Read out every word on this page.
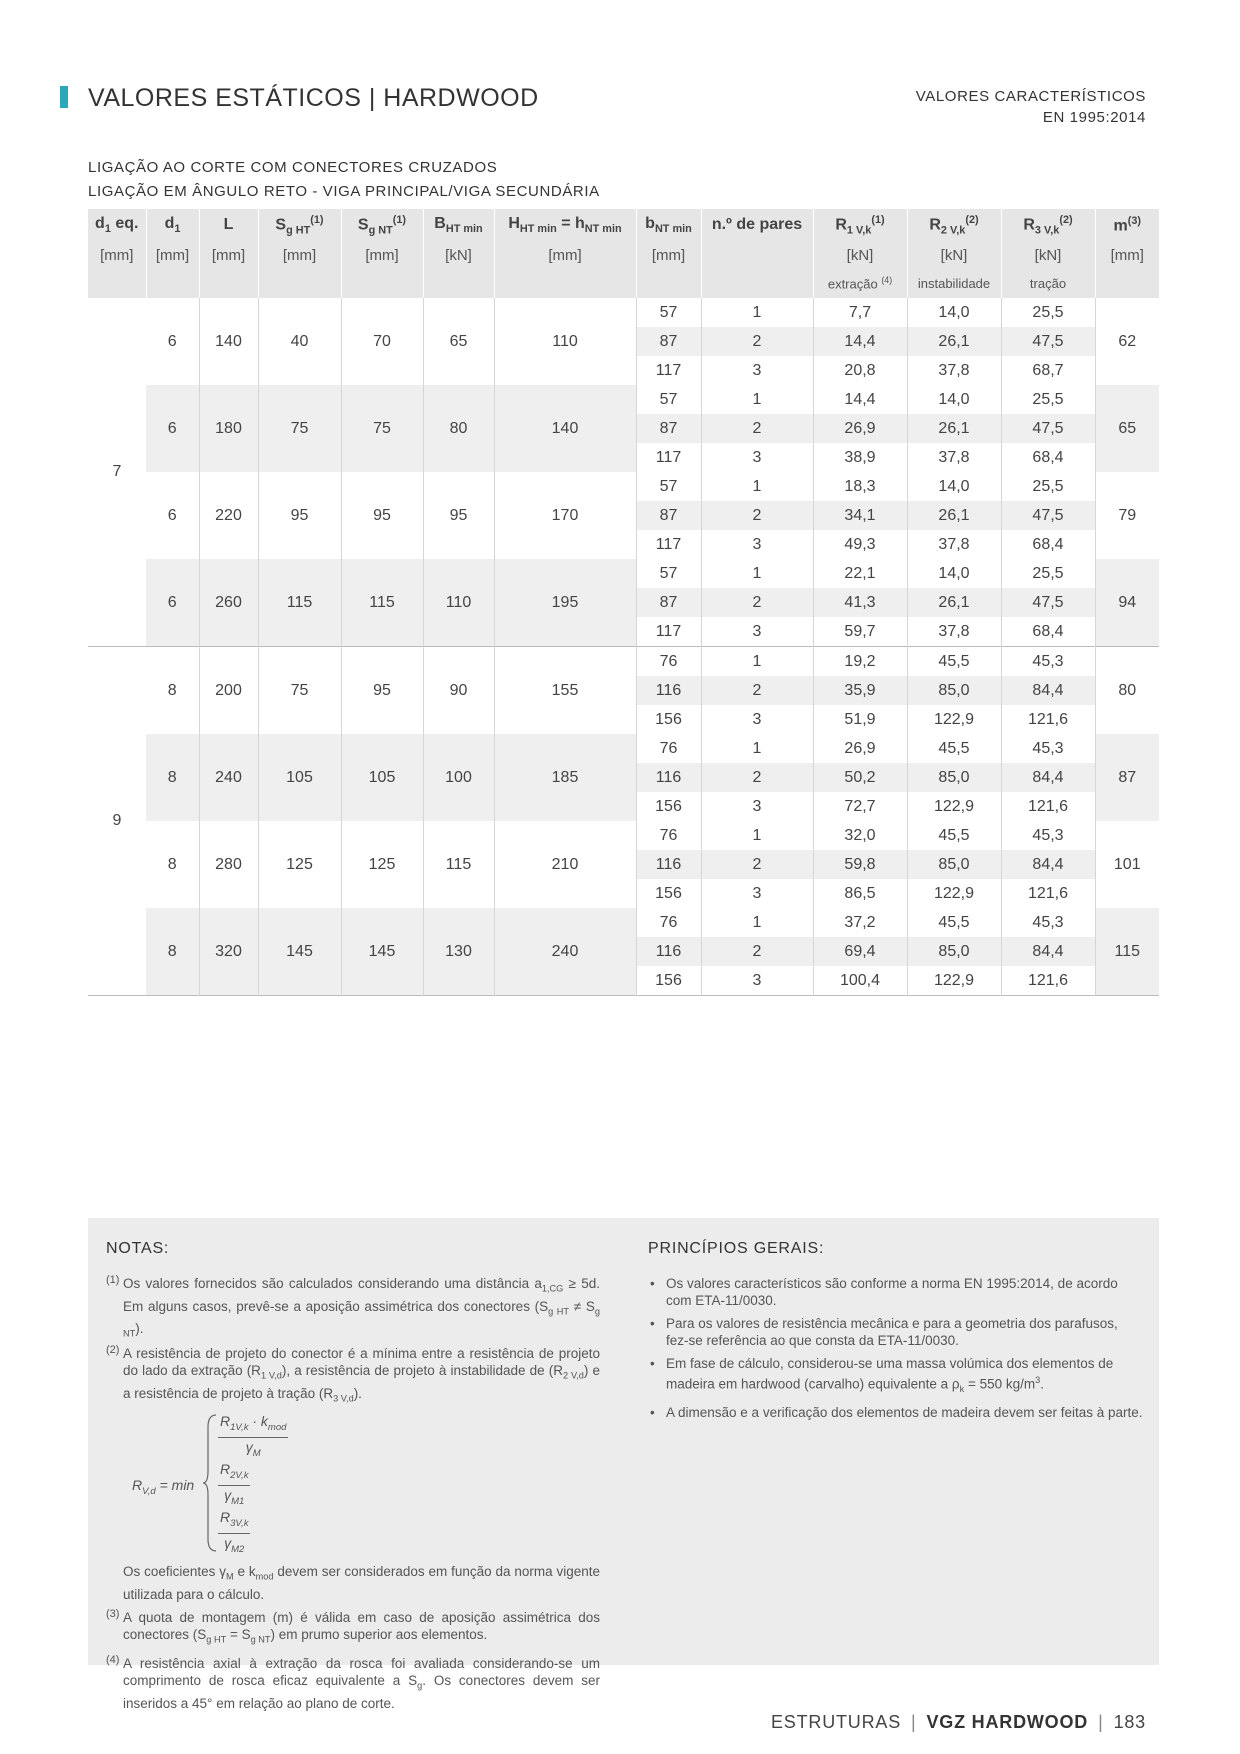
VALORES ESTÁTICOS | HARDWOOD	VALORES CARACTERÍSTICOS
EN 1995:2014
LIGAÇÃO AO CORTE COM CONECTORES CRUZADOS
LIGAÇÃO EM ÂNGULO RETO - VIGA PRINCIPAL/VIGA SECUNDÁRIA
$d_1$ eq.	$d_1$	L	$S_{g HT}^{(1)}$	$S_{g NT}^{(1)}$	$B_{HT min}$	$H_{HT min} = h_{NT min}$	$b_{NT min}$	n.º de pares	$R_{1 V,k}^{(1)}$	$R_{2 V,k}^{(2)}$	$R_{3 V,k}^{(2)}$	$m^{(3)}$
[mm]	[mm]	[mm]	[mm]	[mm]	[kN]	[mm]	[mm]		[kN]	[kN]	[kN]	[mm]
									extração $^{(4)}$	instabilidade	tração	
7	6	140	40	70	65	110	57	1	7,7	14,0	25,5	62
							87	2	14,4	26,1	47,5	
							117	3	20,8	37,8	68,7	
	6	180	75	75	80	140	57	1	14,4	14,0	25,5	65
							87	2	26,9	26,1	47,5	
							117	3	38,9	37,8	68,4	
	6	220	95	95	95	170	57	1	18,3	14,0	25,5	79
							87	2	34,1	26,1	47,5	
							117	3	49,3	37,8	68,4	
	6	260	115	115	110	195	57	1	22,1	14,0	25,5	94
							87	2	41,3	26,1	47,5	
							117	3	59,7	37,8	68,4	
9	8	200	75	95	90	155	76	1	19,2	45,5	45,3	80
							116	2	35,9	85,0	84,4	
							156	3	51,9	122,9	121,6	
	8	240	105	105	100	185	76	1	26,9	45,5	45,3	87
							116	2	50,2	85,0	84,4	
							156	3	72,7	122,9	121,6	
	8	280	125	125	115	210	76	1	32,0	45,5	45,3	101
							116	2	59,8	85,0	84,4	
							156	3	86,5	122,9	121,6	
	8	320	145	145	130	240	76	1	37,2	45,5	45,3	115
							116	2	69,4	85,0	84,4	
							156	3	100,4	122,9	121,6	
NOTAS:
(1) Os valores fornecidos são calculados considerando uma distância $a_{1,CG} \ge 5d$. Em alguns casos, prevê-se a aposição assimétrica dos conectores $(S_{g HT} \ne S_{g NT})$.
(2) A resistência de projeto do conector é a mínima entre a resistência de projeto do lado da extração $(R_{1 V,d})$, a resistência de projeto à instabilidade de $(R_{2 V,d})$ e a resistência de projeto à tração $(R_{3 V,d})$.
$R_{V,d} = \min$
$R_{1V,k} \cdot k_{mod}$
$\gamma_M$
$R_{2V,k}$
$\gamma_{M1}$
$R_{3V,k}$
$\gamma_{M2}$
Os coeficientes $\gamma_M$ e $k_{mod}$ devem ser considerados em função da norma vigente utilizada para o cálculo.
(3) A quota de montagem (m) é válida em caso de aposição assimétrica dos conectores $(S_{g HT} = S_{g NT})$ em prumo superior aos elementos.
(4) A resistência axial à extração da rosca foi avaliada considerando-se um comprimento de rosca eficaz equivalente a $S_g$. Os conectores devem ser inseridos a 45° em relação ao plano de corte.
PRINCÍPIOS GERAIS:
• Os valores característicos são conforme a norma EN 1995:2014, de acordo com ETA-11/0030.
• Para os valores de resistência mecânica e para a geometria dos parafusos, fez-se referência ao que consta da ETA-11/0030.
• Em fase de cálculo, considerou-se uma massa volúmica dos elementos de madeira em hardwood (carvalho) equivalente a $\rho_k = 550$ $kg/m^3$.
• A dimensão e a verificação dos elementos de madeira devem ser feitas à parte.
ESTRUTURAS | VGZ HARDWOOD | 183
